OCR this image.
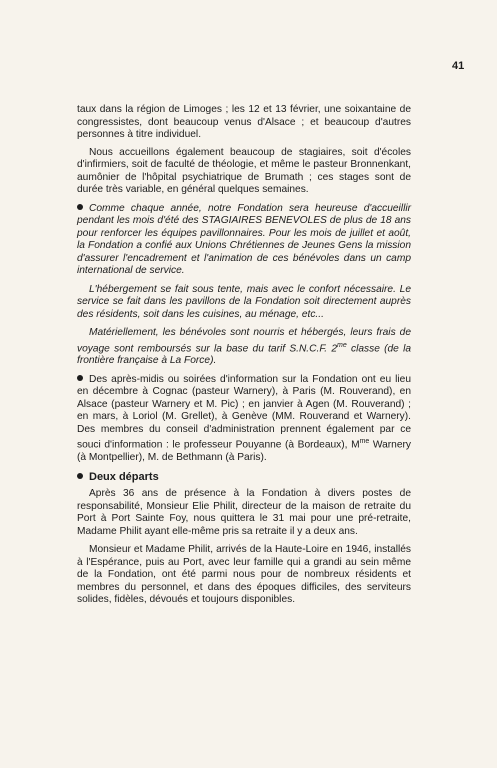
41

taux dans la région de Limoges ; les 12 et 13 février, une soixantaine de congressistes, dont beaucoup venus d'Alsace ; et beaucoup d'autres personnes à titre individuel.

Nous accueillons également beaucoup de stagiaires, soit d'écoles d'infirmiers, soit de faculté de théologie, et même le pasteur Bronnenkant, aumônier de l'hôpital psychiatrique de Brumath ; ces stages sont de durée très variable, en général quelques semaines.

Comme chaque année, notre Fondation sera heureuse d'accueillir pendant les mois d'été des STAGIAIRES BENEVOLES de plus de 18 ans pour renforcer les équipes pavillonnaires. Pour les mois de juillet et août, la Fondation a confié aux Unions Chrétiennes de Jeunes Gens la mission d'assurer l'encadrement et l'animation de ces bénévoles dans un camp international de service.

L'hébergement se fait sous tente, mais avec le confort nécessaire. Le service se fait dans les pavillons de la Fondation soit directement auprès des résidents, soit dans les cuisines, au ménage, etc...

Matériellement, les bénévoles sont nourris et hébergés, leurs frais de voyage sont remboursés sur la base du tarif S.N.C.F. $2^{me}$ classe (de la frontière française à La Force).

Des après-midis ou soirées d'information sur la Fondation ont eu lieu en décembre à Cognac (pasteur Warnery), à Paris (M. Rouverand), en Alsace (pasteur Warnery et M. Pic) ; en janvier à Agen (M. Rouverand) ; en mars, à Loriol (M. Grellet), à Genève (MM. Rouverand et Warnery). Des membres du conseil d'administration prennent également par ce souci d'information : le professeur Pouyanne (à Bordeaux), $M^{me}$ Warnery (à Montpellier), M. de Bethmann (à Paris).

Deux départs

Après 36 ans de présence à la Fondation à divers postes de responsabilité, Monsieur Elie Philit, directeur de la maison de retraite du Port à Port Sainte Foy, nous quittera le 31 mai pour une pré-retraite, Madame Philit ayant elle-même pris sa retraite il y a deux ans.

Monsieur et Madame Philit, arrivés de la Haute-Loire en 1946, installés à l'Espérance, puis au Port, avec leur famille qui a grandi au sein même de la Fondation, ont été parmi nous pour de nombreux résidents et membres du personnel, et dans des époques difficiles, des serviteurs solides, fidèles, dévoués et toujours disponibles.
